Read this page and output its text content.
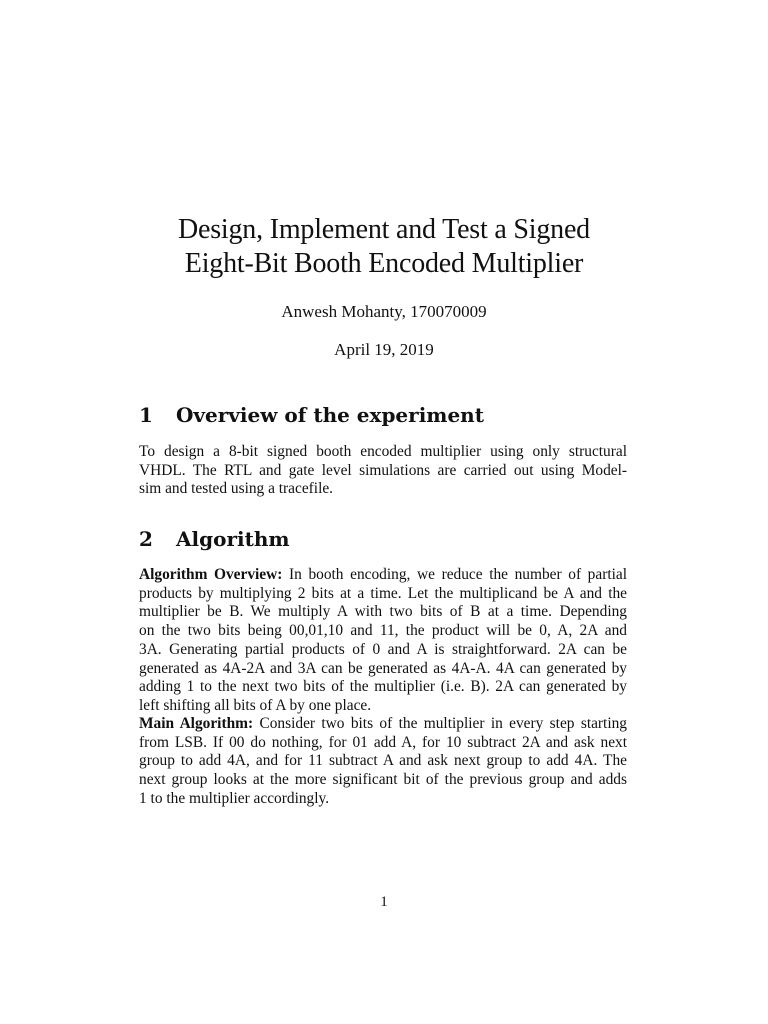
Design, Implement and Test a Signed
Eight-Bit Booth Encoded Multiplier
Anwesh Mohanty, 170070009
April 19, 2019
1 Overview of the experiment

To design a 8-bit signed booth encoded multiplier using only structural
VHDL. The RTL and gate level simulations are carried out using Model-
sim and tested using a tracefile.

2 Algorithm

Algorithm Overview: In booth encoding, we reduce the number of partial
products by multiplying 2 bits at a time. Let the multiplicand be A and the
multiplier be B. We multiply A with two bits of B at a time. Depending
on the two bits being 00,01,10 and 11, the product will be 0, A, 2A and
3A. Generating partial products of 0 and A is straightforward. 2A can be
generated as 4A-2A and 3A can be generated as 4A-A. 4A can generated by
adding 1 to the next two bits of the multiplier (i.e. B). 2A can generated by
left shifting all bits of A by one place.

Main Algorithm: Consider two bits of the multiplier in every step starting
from LSB. If 00 do nothing, for 01 add A, for 10 subtract 2A and ask next
group to add 4A, and for 11 subtract A and ask next group to add 4A. The
next group looks at the more significant bit of the previous group and adds
1 to the multiplier accordingly.

1
